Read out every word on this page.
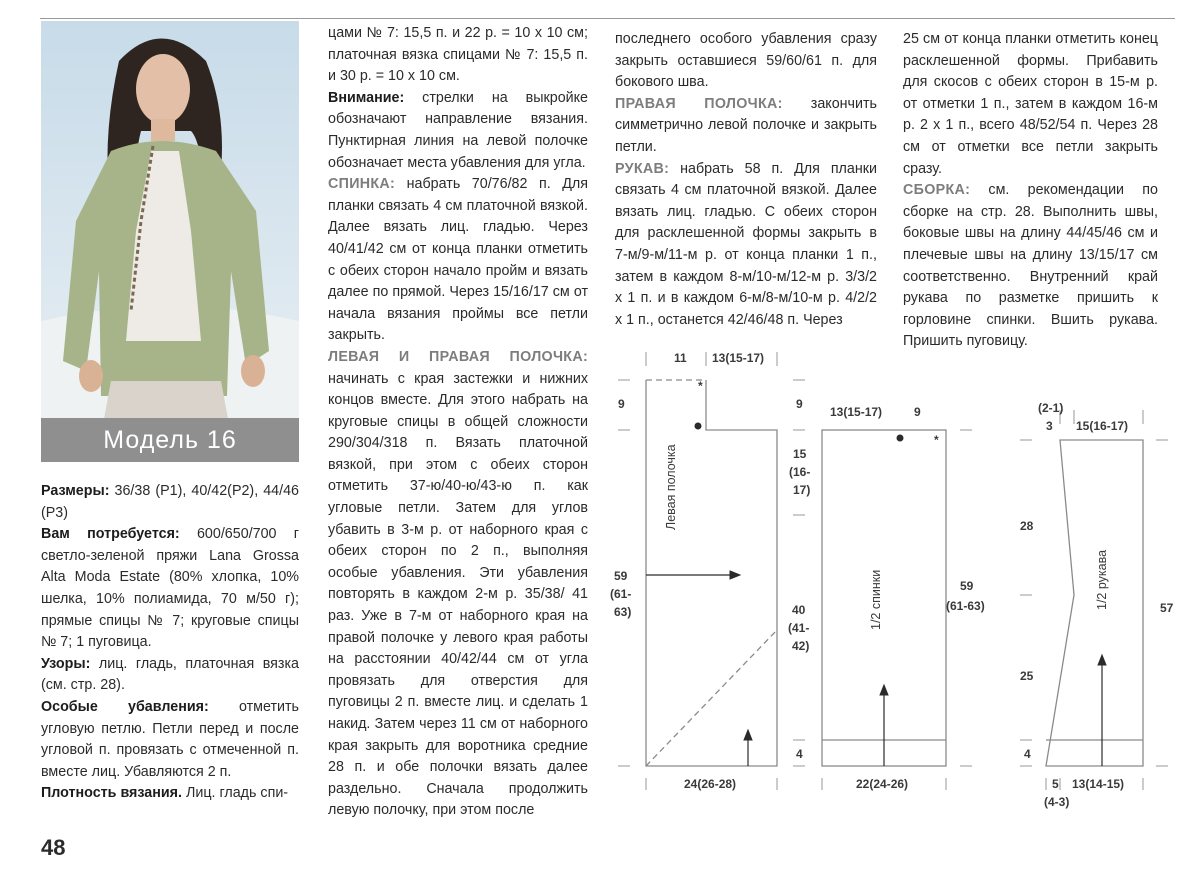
Модель 16

Размеры: 36/38 (Р1), 40/42(Р2), 44/46 (Р3)

Вам потребуется: 600/650/700 г светло-зеленой пряжи Lana Grossa Alta Moda Estate (80% хлопка, 10% шелка, 10% полиамида, 70 м/50 г); прямые спицы № 7; круговые спицы № 7; 1 пуговица.

Узоры: лиц. гладь, платочная вязка (см. стр. 28).

Особые убавления: отметить угловую петлю. Петли перед и после угловой п. провязать с отмеченной п. вместе лиц. Убавляются 2 п.

Плотность вязания. Лиц. гладь спи-

цами № 7: 15,5 п. и 22 р. = 10 х 10 см; платочная вязка спицами № 7: 15,5 п. и 30 р. = 10 х 10 см.

Внимание: стрелки на выкройке обозначают направление вязания. Пунктирная линия на левой полочке обозначает места убавления для угла.

СПИНКА: набрать 70/76/82 п. Для планки связать 4 см платочной вязкой. Далее вязать лиц. гладью. Через 40/41/42 см от конца планки отметить с обеих сторон начало пройм и вязать далее по прямой. Через 15/16/17 см от начала вязания проймы все петли закрыть.

ЛЕВАЯ И ПРАВАЯ ПОЛОЧКА: начинать с края застежки и нижних концов вместе. Для этого набрать на круговые спицы в общей сложности 290/304/318 п. Вязать платочной вязкой, при этом с обеих сторон отметить 37-ю/40-ю/43-ю п. как угловые петли. Затем для углов убавить в 3-м р. от наборного края с обеих сторон по 2 п., выполняя особые убавления. Эти убавления повторять в каждом 2-м р. 35/38/ 41 раз. Уже в 7-м от наборного края на правой полочке у левого края работы на расстоянии 40/42/44 см от угла провязать для отверстия для пуговицы 2 п. вместе лиц. и сделать 1 накид. Затем через 11 см от наборного края закрыть для воротника средние 28 п. и обе полочки вязать далее раздельно. Сначала продолжить левую полочку, при этом после

последнего особого убавления сразу закрыть оставшиеся 59/60/61 п. для бокового шва.

ПРАВАЯ ПОЛОЧКА: закончить симметрично левой полочке и закрыть петли.

РУКАВ: набрать 58 п. Для планки связать 4 см платочной вязкой. Далее вязать лиц. гладью. С обеих сторон для расклешенной формы закрыть в 7-м/9-м/11-м р. от конца планки 1 п., затем в каждом 8-м/10-м/12-м р. 3/3/2 х 1 п. и в каждом 6-м/8-м/10-м р. 4/2/2 х 1 п., останется 42/46/48 п. Через

25 см от конца планки отметить конец расклешенной формы. Прибавить для скосов с обеих сторон в 15-м р. от отметки 1 п., затем в каждом 16-м р. 2 х 1 п., всего 48/52/54 п. Через 28 см от отметки все петли закрыть сразу.

СБОРКА: см. рекомендации по сборке на стр. 28. Выполнить швы, боковые швы на длину 44/45/46 см и плечевые швы на длину 13/15/17 см соответственно. Внутренний край рукава по разметке пришить к горловине спинки. Вшить рукава. Пришить пуговицу.

48
*
*
11 13(15-17)
9
59
(61-
63)	40
(41-
42)
24(26-28)
Левая полочка
9
15
(16-
17)
4
13(15-17)	9
59
(61-63)
22(24-26)
1/2 спинки
(2-1)
3 15(16-17)
28
25
4
57
5 13(14-15)
(4-3)
1/2 рукава
